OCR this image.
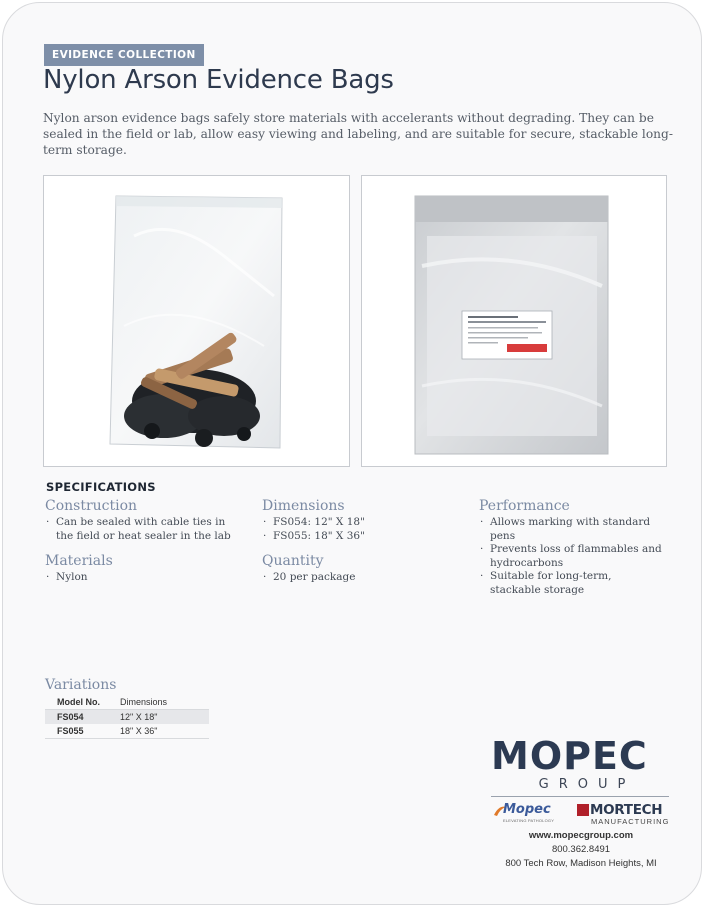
EVIDENCE COLLECTION
Nylon Arson Evidence Bags

Nylon arson evidence bags safely store materials with accelerants without degrading. They can be sealed in the field or lab, allow easy viewing and labeling, and are suitable for secure, stackable long-term storage.

SPECIFICATIONS
Construction
· Can be sealed with cable ties in the field or heat sealer in the lab
Materials
· Nylon
Dimensions
· FS054: 12" X 18"
· FS055: 18" X 36"
Quantity
· 20 per package
Performance
· Allows marking with standard pens
· Prevents loss of flammables and hydrocarbons
· Suitable for long-term, stackable storage
Variations
Model No.	Dimensions
FS054	12" X 18"
FS055	18" X 36"
MOPEC
GROUP
Mopec
ELEVATING PATHOLOGY
MORTECH
MANUFACTURING
www.mopecgroup.com
800.362.8491
800 Tech Row, Madison Heights, MI
